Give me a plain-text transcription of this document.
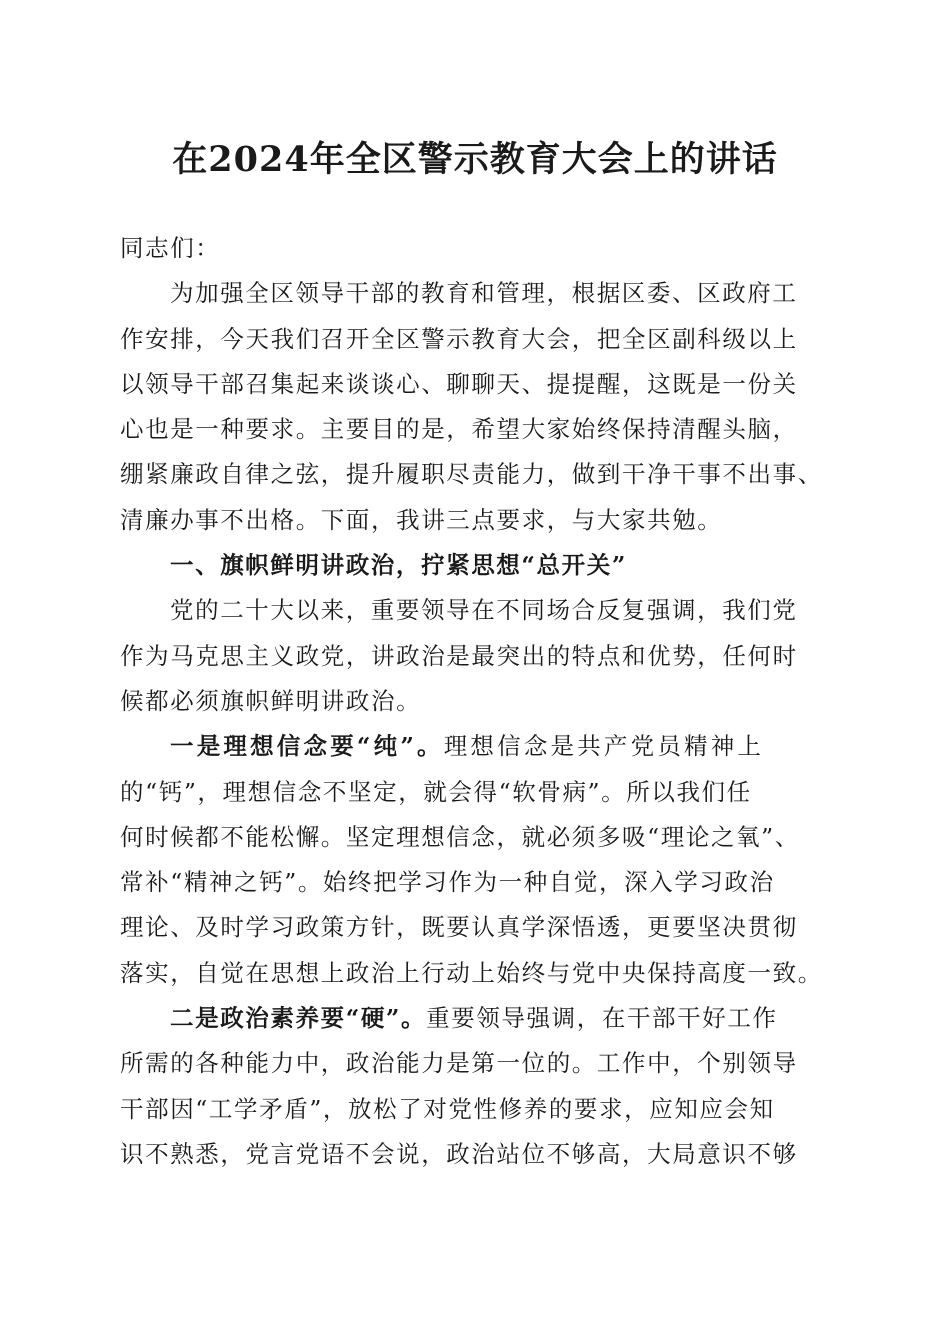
在2024年全区警示教育大会上的讲话

同志们：

为加强全区领导干部的教育和管理，根据区委、区政府工

作安排，今天我们召开全区警示教育大会，把全区副科级以上

以领导干部召集起来谈谈心、聊聊天、提提醒，这既是一份关

心也是一种要求。主要目的是，希望大家始终保持清醒头脑，

绷紧廉政自律之弦，提升履职尽责能力，做到干净干事不出事、

清廉办事不出格。下面，我讲三点要求，与大家共勉。

一、旗帜鲜明讲政治，拧紧思想“总开关”

党的二十大以来，重要领导在不同场合反复强调，我们党

作为马克思主义政党，讲政治是最突出的特点和优势，任何时

候都必须旗帜鲜明讲政治。

一是理想信念要“纯”。理想信念是共产党员精神上

的“钙”，理想信念不坚定，就会得“软骨病”。所以我们任

何时候都不能松懈。坚定理想信念，就必须多吸“理论之氧”、

常补“精神之钙”。始终把学习作为一种自觉，深入学习政治

理论、及时学习政策方针，既要认真学深悟透，更要坚决贯彻

落实，自觉在思想上政治上行动上始终与党中央保持高度一致。

二是政治素养要“硬”。重要领导强调，在干部干好工作

所需的各种能力中，政治能力是第一位的。工作中，个别领导

干部因“工学矛盾”，放松了对党性修养的要求，应知应会知

识不熟悉，党言党语不会说，政治站位不够高，大局意识不够
